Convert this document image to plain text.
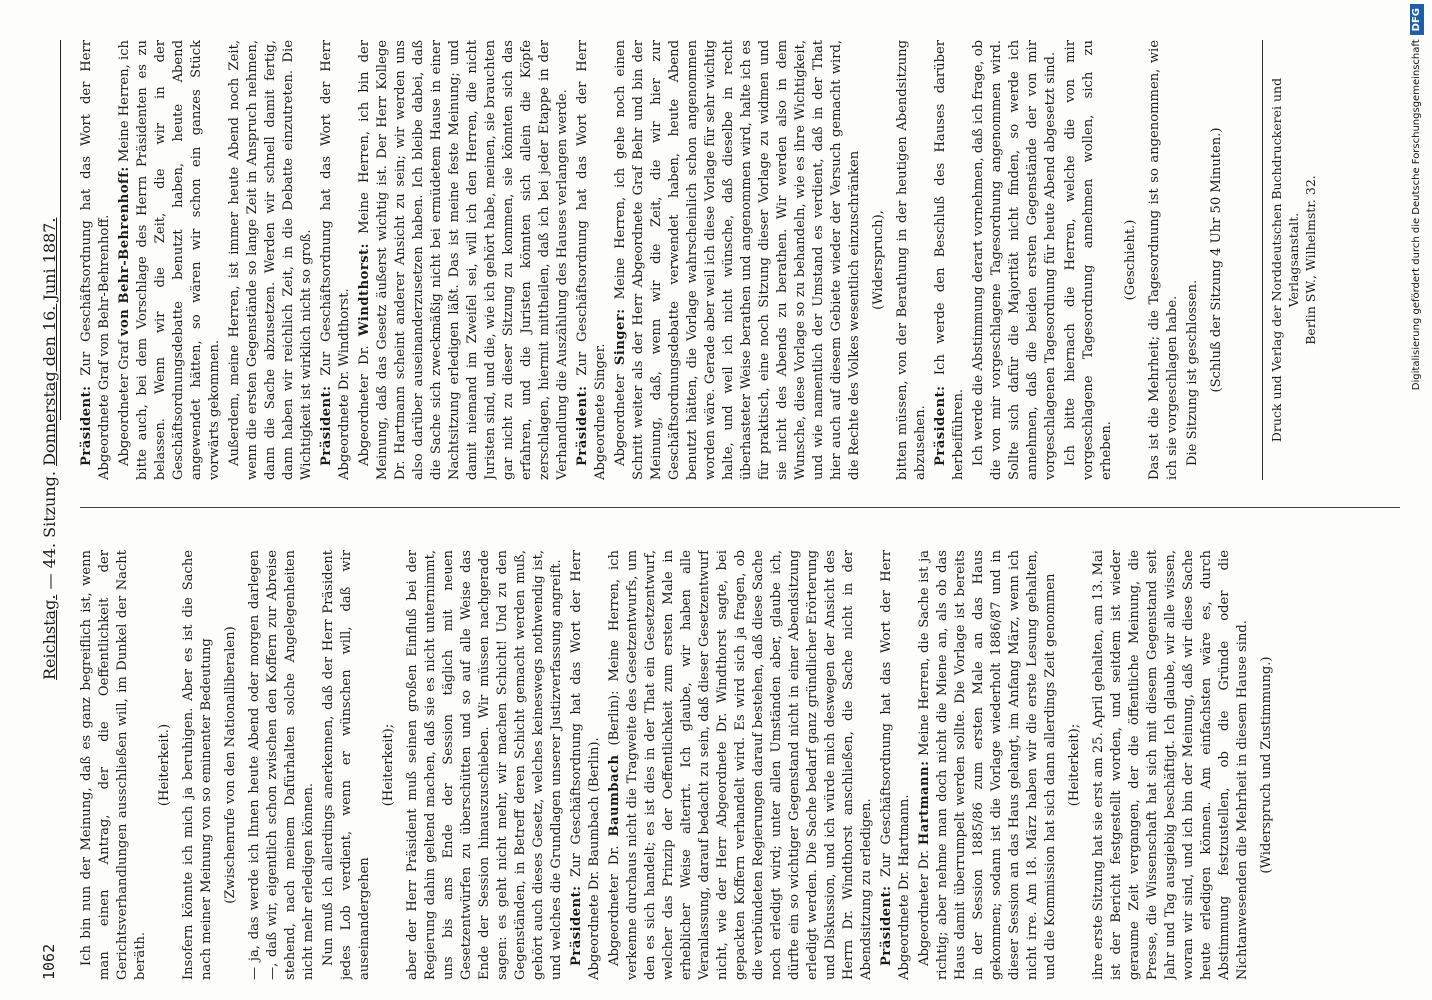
1062
Reichstag. — 44. Sitzung. Donnerstag den 16. Juni 1887.

Ich bin nun der Meinung, daß es ganz begreiflich ist, wenn man einen Antrag, der die Oeffentlichkeit der Gerichtsverhandlungen ausschließen will, im Dunkel der Nacht beräth.

(Heiterkeit.) Insofern könnte ich mich ja beruhigen. Aber es ist die Sache nach meiner Meinung von so eminenter Bedeutung (Zwischenrufe von den Nationalliberalen) — ja, das werde ich Ihnen heute Abend oder morgen darlegen —, daß wir, eigentlich schon zwischen den Koffern zur Abreise stehend, nach meinem Dafürhalten solche Angelegenheiten nicht mehr erledigen können. Nun muß ich allerdings anerkennen, daß der Herr Präsident jedes Lob verdient, wenn er wünschen will, daß wir auseinandergehen

(Heiterkeit); aber der Herr Präsident muß seinen großen Einfluß bei der Regierung dahin geltend machen, daß sie es nicht unternimmt, uns bis ans Ende der Session täglich mit neuen Gesetzentwürfen zu überschütten und so auf alle Weise das Ende der Session hinauszuschieben. Wir müssen nachgerade sagen: es geht nicht mehr, wir machen Schicht! Und zu den Gegenständen, in Betreff deren Schicht gemacht werden muß, gehört auch dieses Gesetz, welches keineswegs nothwendig ist, und welches die Grundlagen unserer Justizverfassung angreift. Präsident: Zur Geschäftsordnung hat das Wort der Herr Abgeordnete Dr. Baumbach (Berlin). Abgeordneter Dr. Baumbach (Berlin): Meine Herren, ich verkenne durchaus nicht die Tragweite des Gesetzentwurfs, um den es sich handelt; es ist dies in der That ein Gesetzentwurf, welcher das Prinzip der Oeffentlichkeit zum ersten Male in erheblicher Weise alterirt. Ich glaube, wir haben alle Veranlassung, darauf bedacht zu sein, daß dieser Gesetzentwurf nicht, wie der Herr Abgeordnete Dr. Windthorst sagte, bei gepackten Koffern verhandelt wird. Es wird sich ja fragen, ob die verbündeten Regierungen darauf bestehen, daß diese Sache noch erledigt wird; unter allen Umständen aber, glaube ich, dürfte ein so wichtiger Gegenstand nicht in einer Abendsitzung erledigt werden. Die Sache bedarf ganz gründlicher Erörterung und Diskussion, und ich würde mich deswegen der Ansicht des Herrn Dr. Windthorst anschließen, die Sache nicht in der Abendsitzung zu erledigen. Präsident: Zur Geschäftsordnung hat das Wort der Herr Abgeordnete Dr. Hartmann. Abgeordneter Dr. Hartmann: Meine Herren, die Sache ist ja richtig; aber nehme man doch nicht die Miene an, als ob das Haus damit überrumpelt werden sollte. Die Vorlage ist bereits in der Session 1885/86 zum ersten Male an das Haus gekommen; sodann ist die Vorlage wiederholt 1886/87 und in dieser Session an das Haus gelangt, im Anfang März, wenn ich nicht irre. Am 18. März haben wir die erste Lesung gehalten, und die Kommission hat sich dann allerdings Zeit genommen (Heiterkeit); ihre erste Sitzung hat sie erst am 25. April gehalten, am 13. Mai ist der Bericht festgestellt worden, und seitdem ist wieder geraume Zeit vergangen, der die öffentliche Meinung, die Presse, die Wissenschaft hat sich mit diesem Gegenstand seit Jahr und Tag ausgiebig beschäftigt. Ich glaube, wir alle wissen, woran wir sind, und ich bin der Meinung, daß wir diese Sache heute erledigen können. Am einfachsten wäre es, durch Abstimmung festzustellen, ob die Gründe oder die Nichtanwesenden die Mehrheit in diesem Hause sind. (Widerspruch und Zustimmung.)

Präsident: Zur Geschäftsordnung hat das Wort der Herr Abgeordnete Graf von Behr-Behrenhoff. Abgeordneter Graf von Behr-Behrenhoff: Meine Herren, ich bitte auch, bei dem Vorschlage des Herrn Präsidenten es zu belassen. Wenn wir die Zeit, die wir in der Geschäftsordnungsdebatte benutzt haben, heute Abend angewendet hätten, so wären wir schon ein ganzes Stück vorwärts gekommen. Außerdem, meine Herren, ist immer heute Abend noch Zeit, wenn die ersten Gegenstände so lange Zeit in Anspruch nehmen, dann die Sache abzusetzen. Werden wir schnell damit fertig, dann haben wir reichlich Zeit, in die Debatte einzutreten. Die Wichtigkeit ist wirklich nicht so groß. Präsident: Zur Geschäftsordnung hat das Wort der Herr Abgeordnete Dr. Windthorst. Abgeordneter Dr. Windthorst: Meine Herren, ich bin der Meinung, daß das Gesetz äußerst wichtig ist. Der Herr Kollege Dr. Hartmann scheint anderer Ansicht zu sein; wir werden uns also darüber auseinanderzusetzen haben. Ich bleibe dabei, daß die Sache sich zweckmäßig nicht bei ermüdetem Hause in einer Nachtsitzung erledigen läßt. Das ist meine feste Meinung; und damit niemand im Zweifel sei, will ich den Herren, die nicht Juristen sind, und die, wie ich gehört habe, meinen, sie brauchten gar nicht zu dieser Sitzung zu kommen, sie könnten sich das erfahren, und die Juristen könnten sich allein die Köpfe zerschlagen, hiermit mittheilen, daß ich bei jeder Etappe in der Verhandlung die Auszählung des Hauses verlangen werde. Präsident: Zur Geschäftsordnung hat das Wort der Herr Abgeordnete Singer. Abgeordneter Singer: Meine Herren, ich gehe noch einen Schritt weiter als der Herr Abgeordnete Graf Behr und bin der Meinung, daß, wenn wir die Zeit, die wir hier zur Geschäftsordnungsdebatte verwendet haben, heute Abend benutzt hätten, die Vorlage wahrscheinlich schon angenommen worden wäre. Gerade aber weil ich diese Vorlage für sehr wichtig halte, und weil ich nicht wünsche, daß dieselbe in recht überhasteter Weise berathen und angenommen wird, halte ich es für praktisch, eine noch Sitzung dieser Vorlage zu widmen und sie nicht des Abends zu berathen. Wir werden also in dem Wunsche, diese Vorlage so zu behandeln, wie es ihre Wichtigkeit, und wie namentlich der Umstand es verdient, daß in der That hier auch auf diesem Gebiete wieder der Versuch gemacht wird, die Rechte des Volkes wesentlich einzuschränken (Widerspruch), bitten müssen, von der Berathung in der heutigen Abendsitzung abzusehen. Präsident: Ich werde den Beschluß des Hauses darüber herbeiführen. Ich werde die Abstimmung derart vornehmen, daß ich frage, ob die von mir vorgeschlagene Tagesordnung angenommen wird. Sollte sich dafür die Majorität nicht finden, so werde ich annehmen, daß die beiden ersten Gegenstände der von mir vorgeschlagenen Tagesordnung für heute Abend abgesetzt sind. Ich bitte hiernach die Herren, welche die von mir vorgeschlagene Tagesordnung annehmen wollen, sich zu erheben.

(Geschieht.) Das ist die Mehrheit; die Tagesordnung ist so angenommen, wie ich sie vorgeschlagen habe. Die Sitzung ist geschlossen. (Schluß der Sitzung 4 Uhr 50 Minuten.)	Druck und Verlag der Norddeutschen Buchdruckerei und Verlagsanstalt. Berlin SW., Wilhelmstr. 32.	Digitalisierung gefördert durch die Deutsche ForschungsgemeinschaftDFG
